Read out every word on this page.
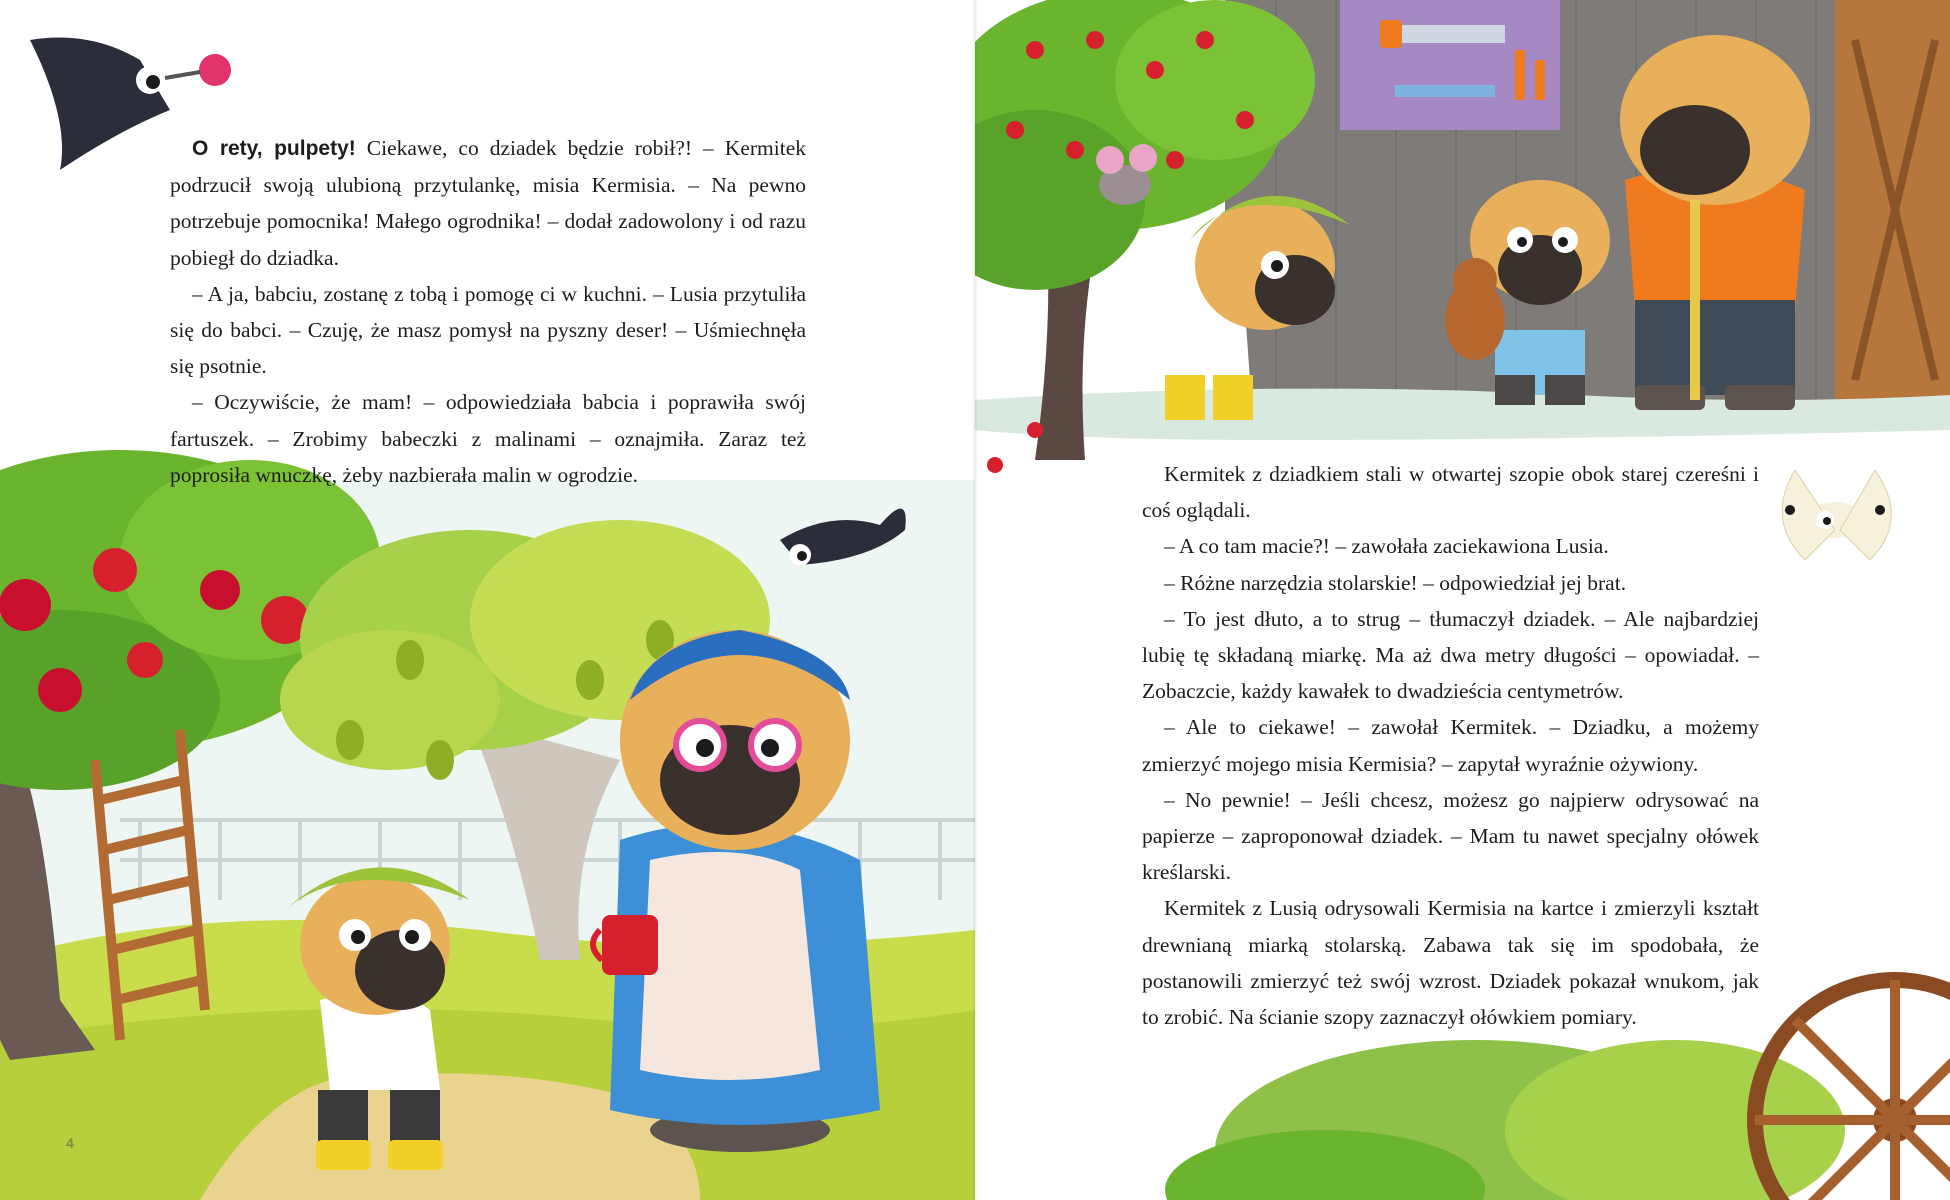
O rety, pulpety! Ciekawe, co dziadek będzie robił?! – Kermitek podrzucił swoją ulubioną przytulankę, misia Kermisia. – Na pewno potrzebuje pomocnika! Małego ogrodnika! – dodał zadowolony i od razu pobiegł do dziadka.

– A ja, babciu, zostanę z tobą i pomogę ci w kuchni. – Lusia przytuliła się do babci. – Czuję, że masz pomysł na pyszny deser! – Uśmiechnęła się psotnie.

– Oczywiście, że mam! – odpowiedziała babcia i poprawiła swój fartuszek. – Zrobimy babeczki z malinami – oznajmiła. Zaraz też poprosiła wnuczkę, żeby nazbierała malin w ogrodzie.

4

Kermitek z dziadkiem stali w otwartej szopie obok starej czereśni i coś oglądali.

– A co tam macie?! – zawołała zaciekawiona Lusia.

– Różne narzędzia stolarskie! – odpowiedział jej brat.

– To jest dłuto, a to strug – tłumaczył dziadek. – Ale najbardziej lubię tę składaną miarkę. Ma aż dwa metry długości – opowiadał. – Zobaczcie, każdy kawałek to dwadzieścia centymetrów.

– Ale to ciekawe! – zawołał Kermitek. – Dziadku, a możemy zmierzyć mojego misia Kermisia? – zapytał wyraźnie ożywiony.

– No pewnie! – Jeśli chcesz, możesz go najpierw odrysować na papierze – zaproponował dziadek. – Mam tu nawet specjalny ołówek kreślarski.

Kermitek z Lusią odrysowali Kermisia na kartce i zmierzyli kształt drewnianą miarką stolarską. Zabawa tak się im spodobała, że postanowili zmierzyć też swój wzrost. Dziadek pokazał wnukom, jak to zrobić. Na ścianie szopy zaznaczył ołówkiem pomiary.
